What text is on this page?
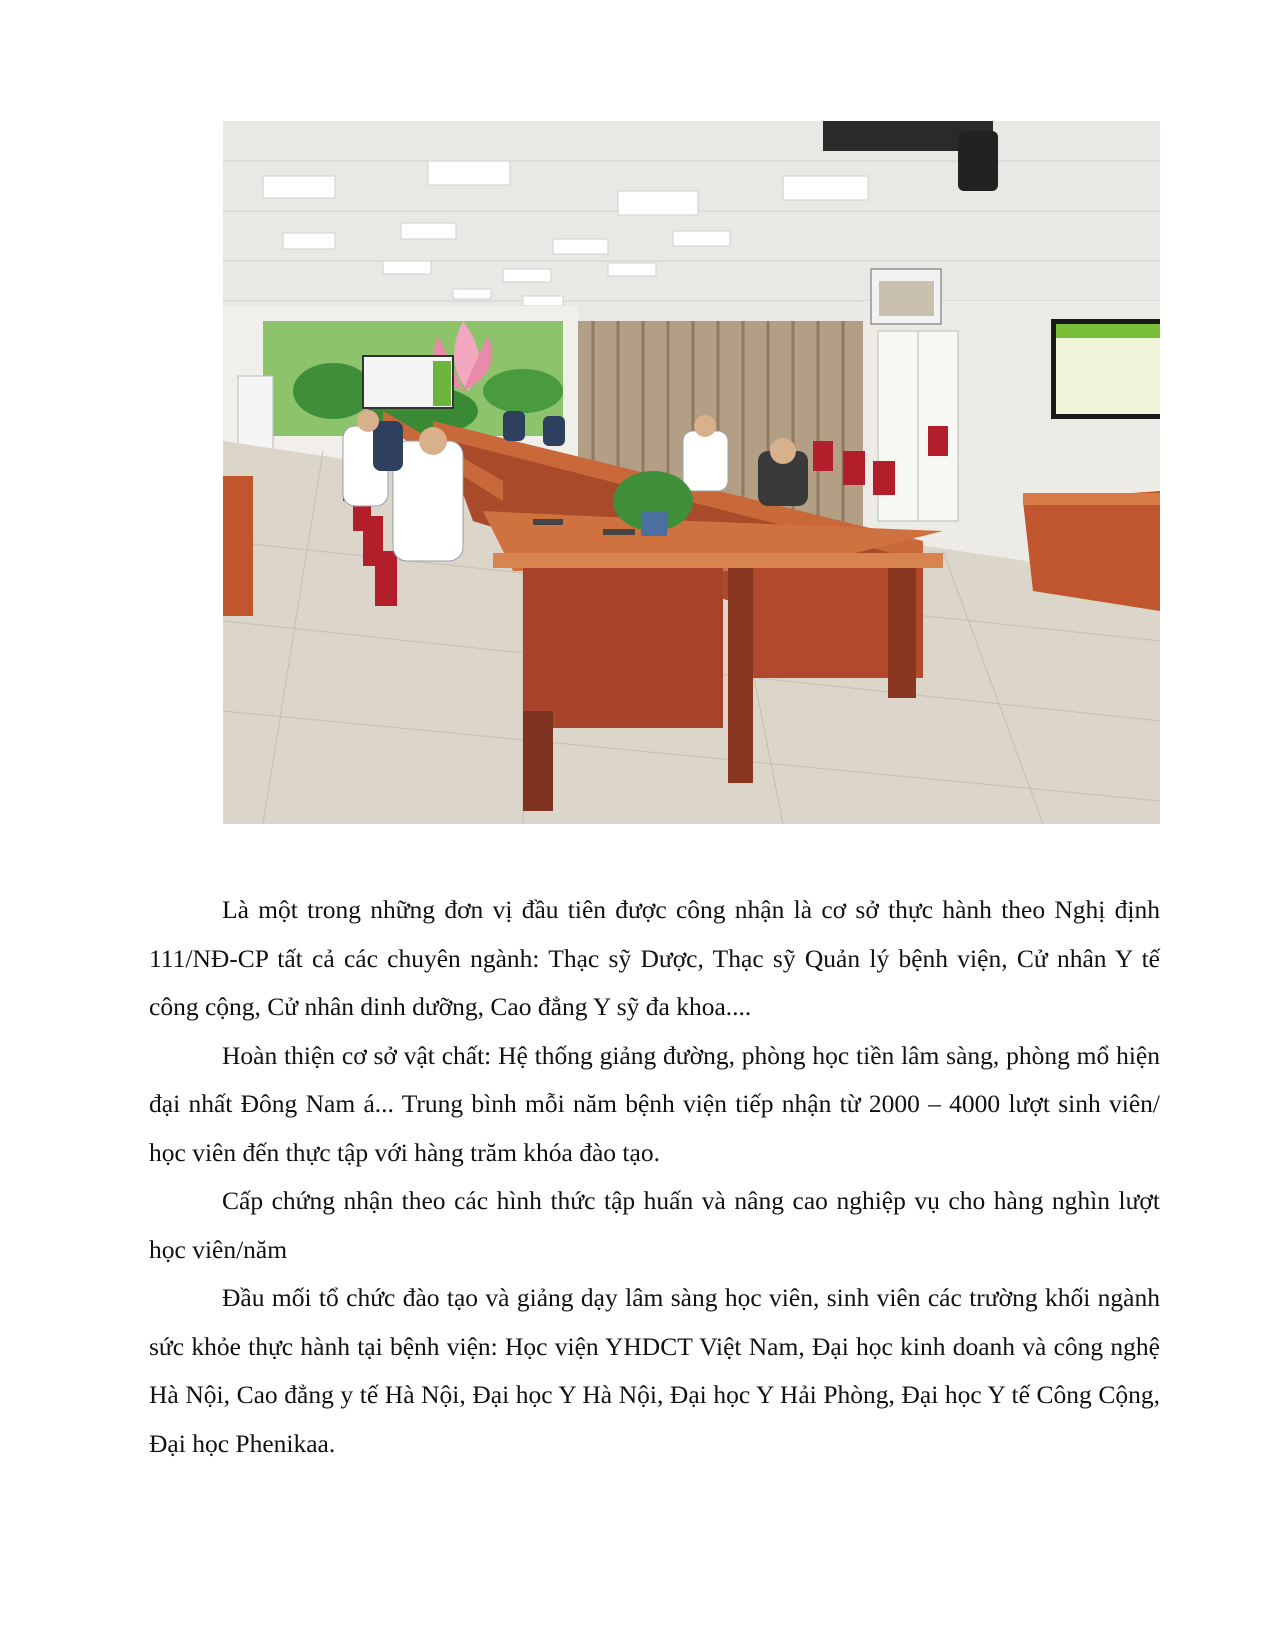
Là một trong những đơn vị đầu tiên được công nhận là cơ sở thực hành theo Nghị định 111/NĐ-CP tất cả các chuyên ngành: Thạc sỹ Dược, Thạc sỹ Quản lý bệnh viện, Cử nhân Y tế công cộng, Cử nhân dinh dưỡng, Cao đẳng Y sỹ đa khoa....

Hoàn thiện cơ sở vật chất: Hệ thống giảng đường, phòng học tiền lâm sàng, phòng mổ hiện đại nhất Đông Nam á... Trung bình mỗi năm bệnh viện tiếp nhận từ 2000 – 4000 lượt sinh viên/ học viên đến thực tập với hàng trăm khóa đào tạo.

Cấp chứng nhận theo các hình thức tập huấn và nâng cao nghiệp vụ cho hàng nghìn lượt học viên/năm

Đầu mối tổ chức đào tạo và giảng dạy lâm sàng học viên, sinh viên các trường khối ngành sức khỏe thực hành tại bệnh viện: Học viện YHDCT Việt Nam, Đại học kinh doanh và công nghệ Hà Nội, Cao đẳng y tế Hà Nội, Đại học Y Hà Nội, Đại học Y Hải Phòng, Đại học Y tế Công Cộng, Đại học Phenikaa.
